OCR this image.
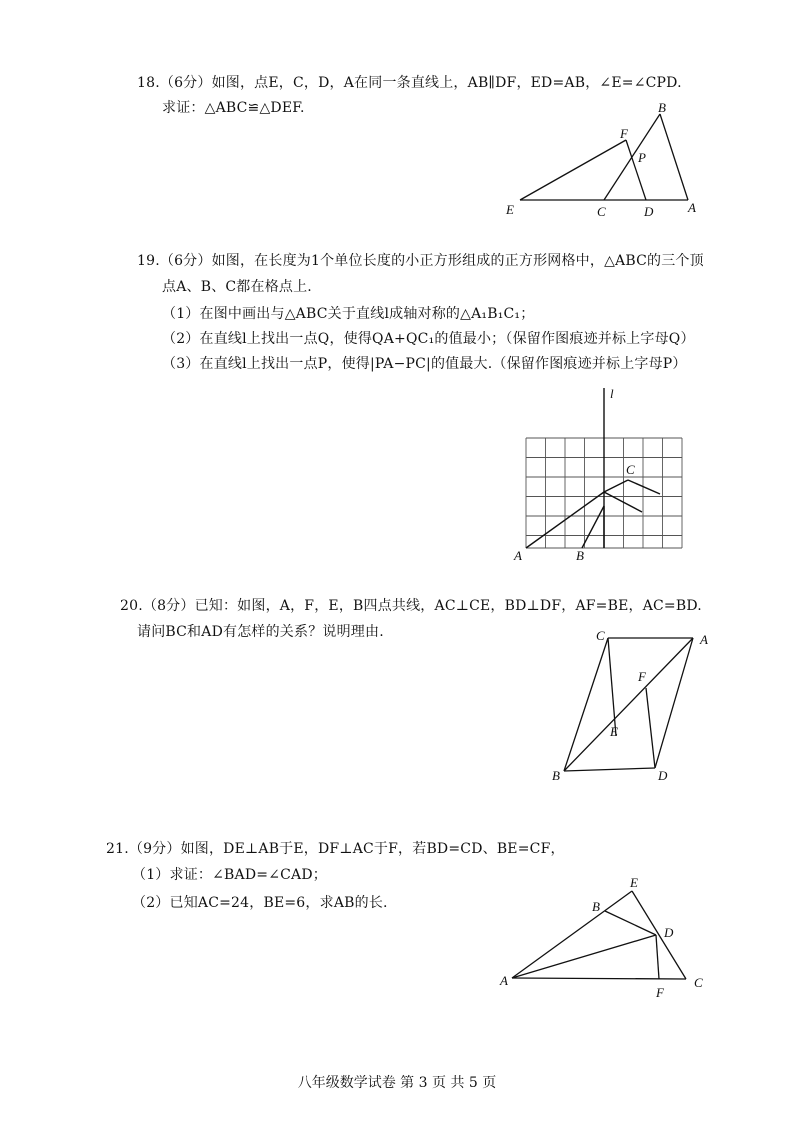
18.（6分）如图，点E，C，D，A在同一条直线上，AB∥DF，ED=AB，∠E=∠CPD.
求证：△ABC≌△DEF.	B
F
P
E	C	D	A
19.（6分）如图，在长度为1个单位长度的小正方形组成的正方形网格中，△ABC的三个顶
点A、B、C都在格点上.
（1）在图中画出与△ABC关于直线l成轴对称的△A₁B₁C₁；
（2）在直线l上找出一点Q，使得QA+QC₁的值最小；（保留作图痕迹并标上字母Q）
（3）在直线l上找出一点P，使得|PA−PC|的值最大.（保留作图痕迹并标上字母P）
l
C
A	B
20.（8分）已知：如图，A，F，E，B四点共线，AC⊥CE，BD⊥DF，AF=BE，AC=BD.
请问BC和AD有怎样的关系？说明理由.	C	A
F
E
B	D
21.（9分）如图，DE⊥AB于E，DF⊥AC于F，若BD=CD、BE=CF，
（1）求证：∠BAD=∠CAD；
（2）已知AC=24，BE=6，求AB的长.
E
B
D
A
F
C
八年级数学试卷 第 3 页 共 5 页
